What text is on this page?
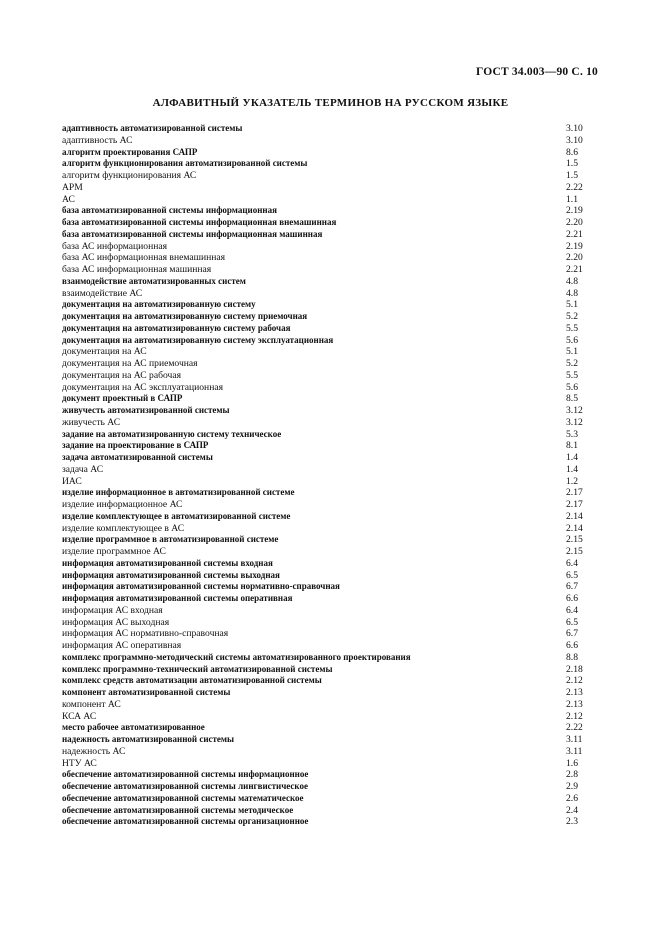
ГОСТ 34.003—90 С. 10
АЛФАВИТНЫЙ УКАЗАТЕЛЬ ТЕРМИНОВ НА РУССКОМ ЯЗЫКЕ
адаптивность автоматизированной системы	3.10
адаптивность АС	3.10
алгоритм проектирования САПР	8.6
алгоритм функционирования автоматизированной системы	1.5
алгоритм функционирования АС	1.5
АРМ	2.22
АС	1.1
база автоматизированной системы информационная	2.19
база автоматизированной системы информационная внемашинная	2.20
база автоматизированной системы информационная машинная	2.21
база АС информационная	2.19
база АС информационная внемашинная	2.20
база АС информационная машинная	2.21
взаимодействие автоматизированных систем	4.8
взаимодействие АС	4.8
документация на автоматизированную систему	5.1
документация на автоматизированную систему приемочная	5.2
документация на автоматизированную систему рабочая	5.5
документация на автоматизированную систему эксплуатационная	5.6
документация на АС	5.1
документация на АС приемочная	5.2
документация на АС рабочая	5.5
документация на АС эксплуатационная	5.6
документ проектный в САПР	8.5
живучесть автоматизированной системы	3.12
живучесть АС	3.12
задание на автоматизированную систему техническое	5.3
задание на проектирование в САПР	8.1
задача автоматизированной системы	1.4
задача АС	1.4
ИАС	1.2
изделие информационное в автоматизированной системе	2.17
изделие информационное АС	2.17
изделие комплектующее в автоматизированной системе	2.14
изделие комплектующее в АС	2.14
изделие программное в автоматизированной системе	2.15
изделие программное АС	2.15
информация автоматизированной системы входная	6.4
информация автоматизированной системы выходная	6.5
информация автоматизированной системы нормативно-справочная	6.7
информация автоматизированной системы оперативная	6.6
информация АС входная	6.4
информация АС выходная	6.5
информация АС нормативно-справочная	6.7
информация АС оперативная	6.6
комплекс программно-методический системы автоматизированного проектирования	8.8
комплекс программно-технический автоматизированной системы	2.18
комплекс средств автоматизации автоматизированной системы	2.12
компонент автоматизированной системы	2.13
компонент АС	2.13
КСА АС	2.12
место рабочее автоматизированное	2.22
надежность автоматизированной системы	3.11
надежность АС	3.11
НТУ АС	1.6
обеспечение автоматизированной системы информационное	2.8
обеспечение автоматизированной системы лингвистическое	2.9
обеспечение автоматизированной системы математическое	2.6
обеспечение автоматизированной системы методическое	2.4
обеспечение автоматизированной системы организационное	2.3
